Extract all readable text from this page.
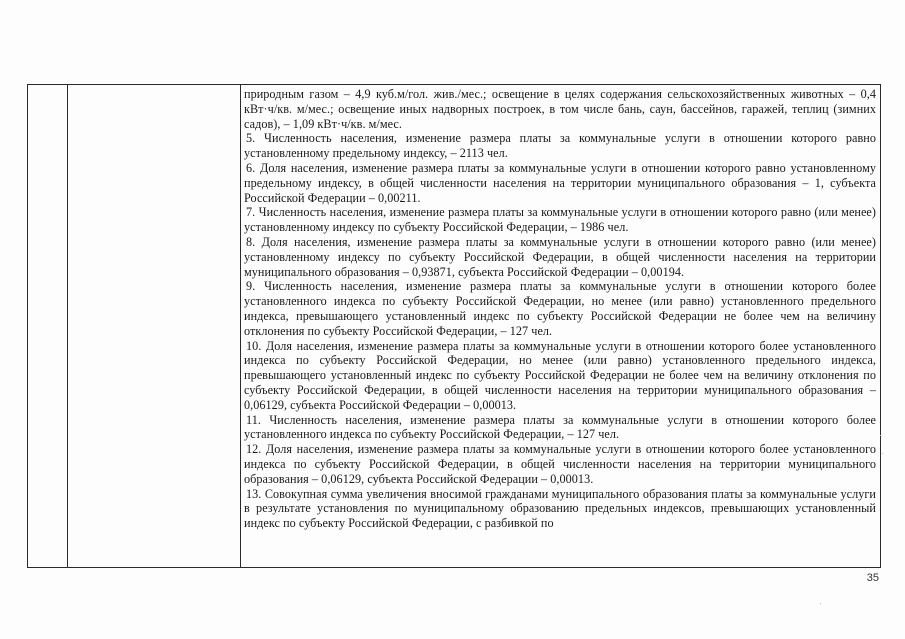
природным газом – 4,9 куб.м/гол. жив./мес.; освещение в целях содержания сельскохозяйственных животных – 0,4 кВт·ч/кв. м/мес.; освещение иных надворных построек, в том числе бань, саун, бассейнов, гаражей, теплиц (зимних садов), – 1,09 кВт·ч/кв. м/мес.

5. Численность населения, изменение размера платы за коммунальные услуги в отношении которого равно установленному предельному индексу, – 2113 чел.

6. Доля населения, изменение размера платы за коммунальные услуги в отношении которого равно установленному предельному индексу, в общей численности населения на территории муниципального образования – 1, субъекта Российской Федерации – 0,00211.

7. Численность населения, изменение размера платы за коммунальные услуги в отношении которого равно (или менее) установленному индексу по субъекту Российской Федерации, – 1986 чел.

8. Доля населения, изменение размера платы за коммунальные услуги в отношении которого равно (или менее) установленному индексу по субъекту Российской Федерации, в общей численности населения на территории муниципального образования – 0,93871, субъекта Российской Федерации – 0,00194.

9. Численность населения, изменение размера платы за коммунальные услуги в отношении которого более установленного индекса по субъекту Российской Федерации, но менее (или равно) установленного предельного индекса, превышающего установленный индекс по субъекту Российской Федерации не более чем на величину отклонения по субъекту Российской Федерации, – 127 чел.

10. Доля населения, изменение размера платы за коммунальные услуги в отношении которого более установленного индекса по субъекту Российской Федерации, но менее (или равно) установленного предельного индекса, превышающего установленный индекс по субъекту Российской Федерации не более чем на величину отклонения по субъекту Российской Федерации, в общей численности населения на территории муниципального образования – 0,06129, субъекта Российской Федерации – 0,00013.

11. Численность населения, изменение размера платы за коммунальные услуги в отношении которого более установленного индекса по субъекту Российской Федерации, – 127 чел.

12. Доля населения, изменение размера платы за коммунальные услуги в отношении которого более установленного индекса по субъекту Российской Федерации, в общей численности населения на территории муниципального образования – 0,06129, субъекта Российской Федерации – 0,00013.

13. Совокупная сумма увеличения вносимой гражданами муниципального образования платы за коммунальные услуги в результате установления по муниципальному образованию предельных индексов, превышающих установленный индекс по субъекту Российской Федерации, с разбивкой по

35
